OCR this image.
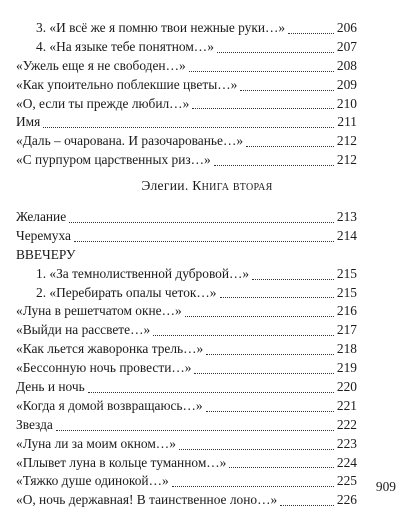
3. «И всё же я помню твои нежные руки…»	206
4. «На языке тебе понятном…»	207
«Ужель еще я не свободен…»	208
«Как упоительно поблекшие цветы…»	209
«О, если ты прежде любил…»	210
Имя	211
«Даль – очарована. И разочарованье…»	212
«С пурпуром царственных риз…»	212
Элегии. Книга вторая
Желание	213
Черемуха	214
ВВЕЧЕРУ
1. «За темнолиственной дубровой…»	215
2. «Перебирать опалы четок…»	215
«Луна в решетчатом окне…»	216
«Выйди на рассвете…»	217
«Как льется жаворонка трель…»	218
«Бессонную ночь провести…»	219
День и ночь	220
«Когда я домой возвращаюсь…»	221
Звезда	222
«Луна ли за моим окном…»	223
«Плывет луна в кольце туманном…»	224
«Тяжко душе одинокой…»	225
«О, ночь державная! В таинственное лоно…»	226
909
